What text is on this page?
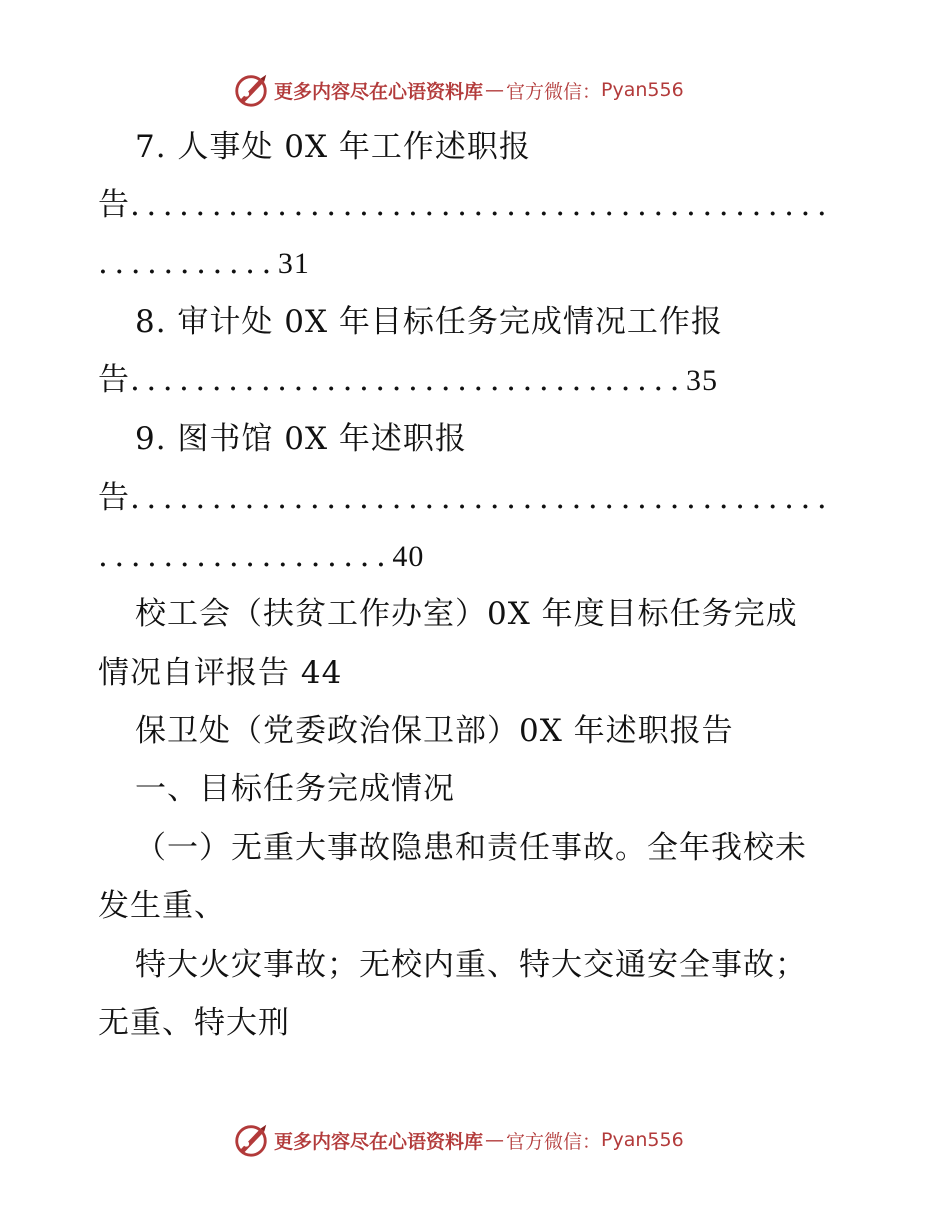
更多内容尽在心语资料库 — 官方微信： Pyan556
7. 人事处 0X 年工作述职报
告...........................................
...........31
8. 审计处 0X 年目标任务完成情况工作报
告..................................35
9. 图书馆 0X 年述职报
告...........................................
..................40
校工会（扶贫工作办室）0X 年度目标任务完成
情况自评报告 44
保卫处（党委政治保卫部）0X 年述职报告
一、目标任务完成情况
（一）无重大事故隐患和责任事故。全年我校未
发生重、
特大火灾事故；无校内重、特大交通安全事故；
无重、特大刑
更多内容尽在心语资料库 — 官方微信： Pyan556
